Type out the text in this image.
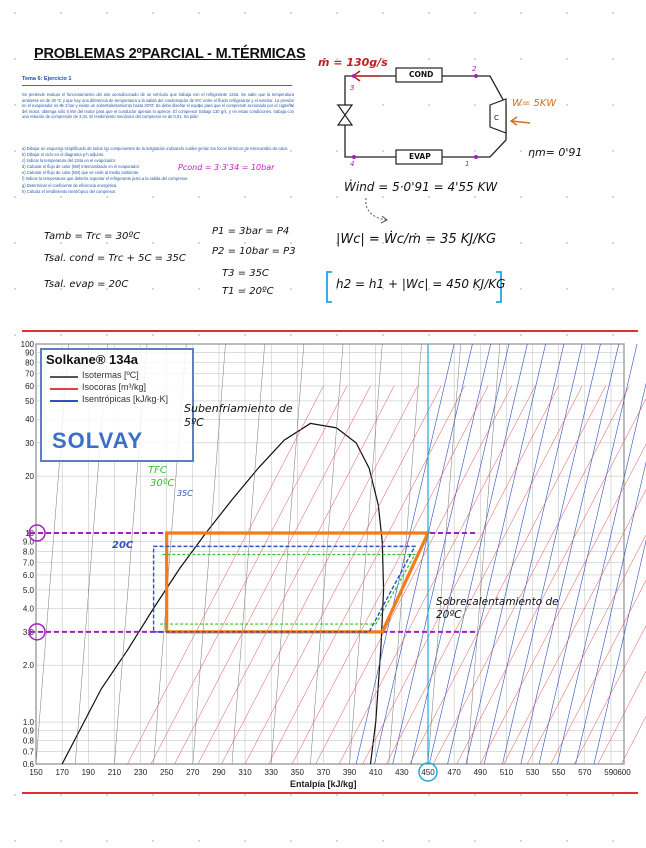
PROBLEMAS 2ºPARCIAL - M.TÉRMICAS
Tema 6: Ejercicio 1
Se pretende evaluar el funcionamiento del aire acondicionado de un vehículo que trabaja con el refrigerante 134a. Se sabe que la temperatura ambiente es de 30 ºC y que hay una diferencia de temperatura a la salida del condensador de 5ºC entre el fluido refrigerante y el exterior. La presión en el evaporador es de 3 bar y existe un sobrecalentamiento hasta 20ºC. Se debe diseñar el equipo para que el compresor, accionado por el cigüeñal del motor, obtenga sólo 5 kW del motor para que el conductor apenas lo aprecie. El compresor trabaja 130 g/s, y en estas condiciones, trabaja con una relación de compresión de 3,34. El rendimiento mecánico del compresor es de 0,91. Se pide:
a) Dibujar un esquema simplificado de todos los componentes de la instalación indicando cuáles serían los focos térmicos de intercambio de calor.
b) Dibujar el ciclo en el diagrama p-h adjunto.
c) Indicar la temperatura del 134a en el evaporador.
d) Calcular el flujo de calor (kW) intercambiado en el evaporador.
e) Calcular el flujo de calor (kW) que se cede al medio ambiente.
f) Indicar la temperatura que debería soportar el refrigerante justo a la salida del compresor.
g) Determinar el coeficiente de eficiencia energética.
h) Calcula el rendimiento isentrópico del compresor.
Pcond = 3·3'34 = 10bar
Tamb = Trc = 30ºC
Tsal. cond = Trc + 5C = 35C
Tsal. evap = 20C
P1 = 3bar = P4
P2 = 10bar = P3
T3 = 35C
T1 = 20ºC
ṁ = 130g/s
COND
EVAP
W= 5KW
C
2
1
4
3
ηm= 0'91
Ẇind = 5·0'91 = 4'55 KW
|Wc| = Ẇc/ṁ = 35 KJ/KG
h2 = h1 + |Wc| = 450 KJ/KG
150 170 190 210 230 250 270 290 310 330 350 370 390 410 430 450 470 490 510 530 550 570 590 600
0.6
0.7
0.8
0.9
1.0
2.0
3.0
4.0
5.0
6.0
7.0
8.0
9.0
10
20
30
40
50
60
70
80
90
100
Solkane® 134a
Isotermas [ºC]
Isocoras [m³/kg]
Isentrópicas [kJ/kg·K]
SOLVAY
Entalpía [kJ/kg]
Subenfriamiento de 5ºC
Sobrecalentamiento de 20ºC
TFC
30ºC
35C
20C
